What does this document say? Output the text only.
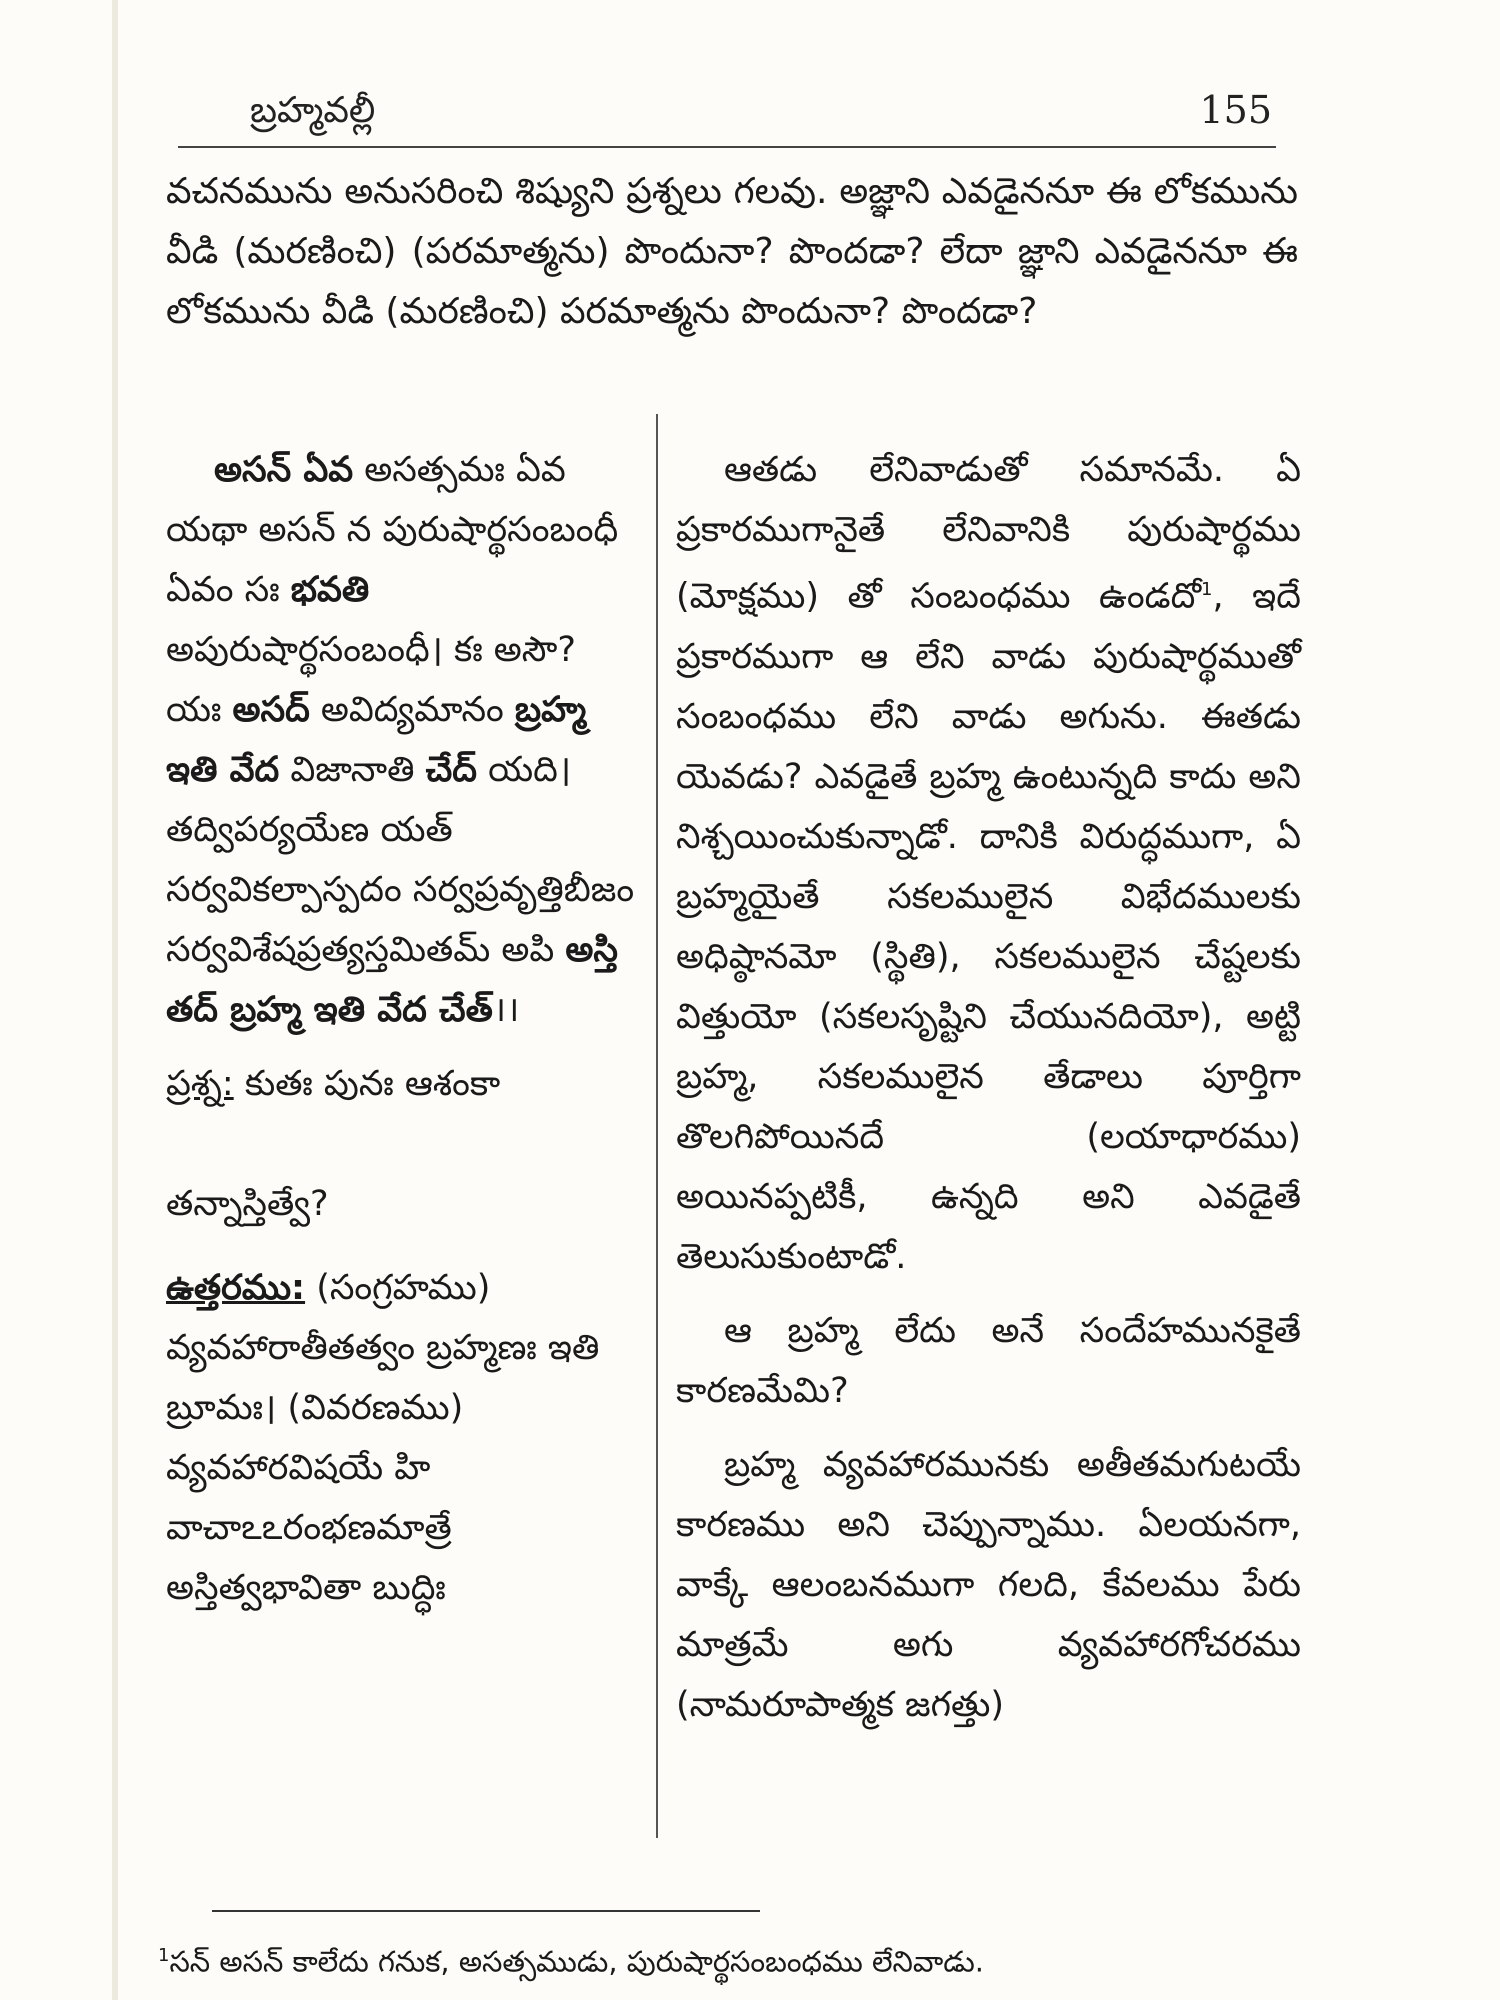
బ్రహ్మవల్లీ	155
వచనమును అనుసరించి శిష్యుని ప్రశ్నలు గలవు. అజ్ఞాని ఎవడైననూ ఈ లోకమును వీడి (మరణించి) (పరమాత్మను) పొందునా? పొందడా? లేదా జ్ఞాని ఎవడైననూ ఈ లోకమును వీడి (మరణించి) పరమాత్మను పొందునా? పొందడా?

అసన్ ఏవ అసత్సమః ఏవ యథా అసన్ న పురుషార్థసంబంధీ ఏవం సః భవతి అపురుషార్థసంబంధీ। కః అసౌ? యః అసద్ అవిద్యమానం బ్రహ్మ ఇతి వేద విజానాతి చేద్ యది। తద్విపర్యయేణ యత్ సర్వవికల్పాస్పదం సర్వప్రవృత్తిబీజం సర్వవిశేషప్రత్యస్తమితమ్ అపి అస్తి తద్ బ్రహ్మ ఇతి వేద చేత్।।

ప్రశ్న: కుతః పునః ఆశంకా

తన్నాస్తిత్వే?

ఉత్తరము: (సంగ్రహము) వ్యవహారాతీతత్వం బ్రహ్మణః ఇతి బ్రూమః। (వివరణము) వ్యవహారవిషయే హి వాచాఽఽరంభణమాత్రే అస్తిత్వభావితా బుద్ధిః

ఆతడు లేనివాడుతో సమానమే. ఏ ప్రకారముగానైతే లేనివానికి పురుషార్థము (మోక్షము) తో సంబంధము ఉండదో$^1$, ఇదే ప్రకారముగా ఆ లేని వాడు పురుషార్థముతో సంబంధము లేని వాడు అగును. ఈతడు యెవడు? ఎవడైతే బ్రహ్మ ఉంటున్నది కాదు అని నిశ్చయించుకున్నాడో. దానికి విరుద్ధముగా, ఏ బ్రహ్మయైతే సకలములైన విభేదములకు అధిష్ఠానమో (స్థితి), సకలములైన చేష్టలకు విత్తుయో (సకలసృష్టిని చేయునదియో), అట్టి బ్రహ్మ, సకలములైన తేడాలు పూర్తిగా తొలగిపోయినదే (లయాధారము) అయినప్పటికీ, ఉన్నది అని ఎవడైతే తెలుసుకుంటాడో.

ఆ బ్రహ్మ లేదు అనే సందేహమునకైతే కారణమేమి?

బ్రహ్మ వ్యవహారమునకు అతీతమగుటయే కారణము అని చెప్పున్నాము. ఏలయనగా, వాక్కే ఆలంబనముగా గలది, కేవలము పేరు మాత్రమే అగు వ్యవహారగోచరము (నామరూపాత్మక జగత్తు)

$^1$సన్ అసన్ కాలేదు గనుక, అసత్సముడు, పురుషార్థసంబంధము లేనివాడు.
